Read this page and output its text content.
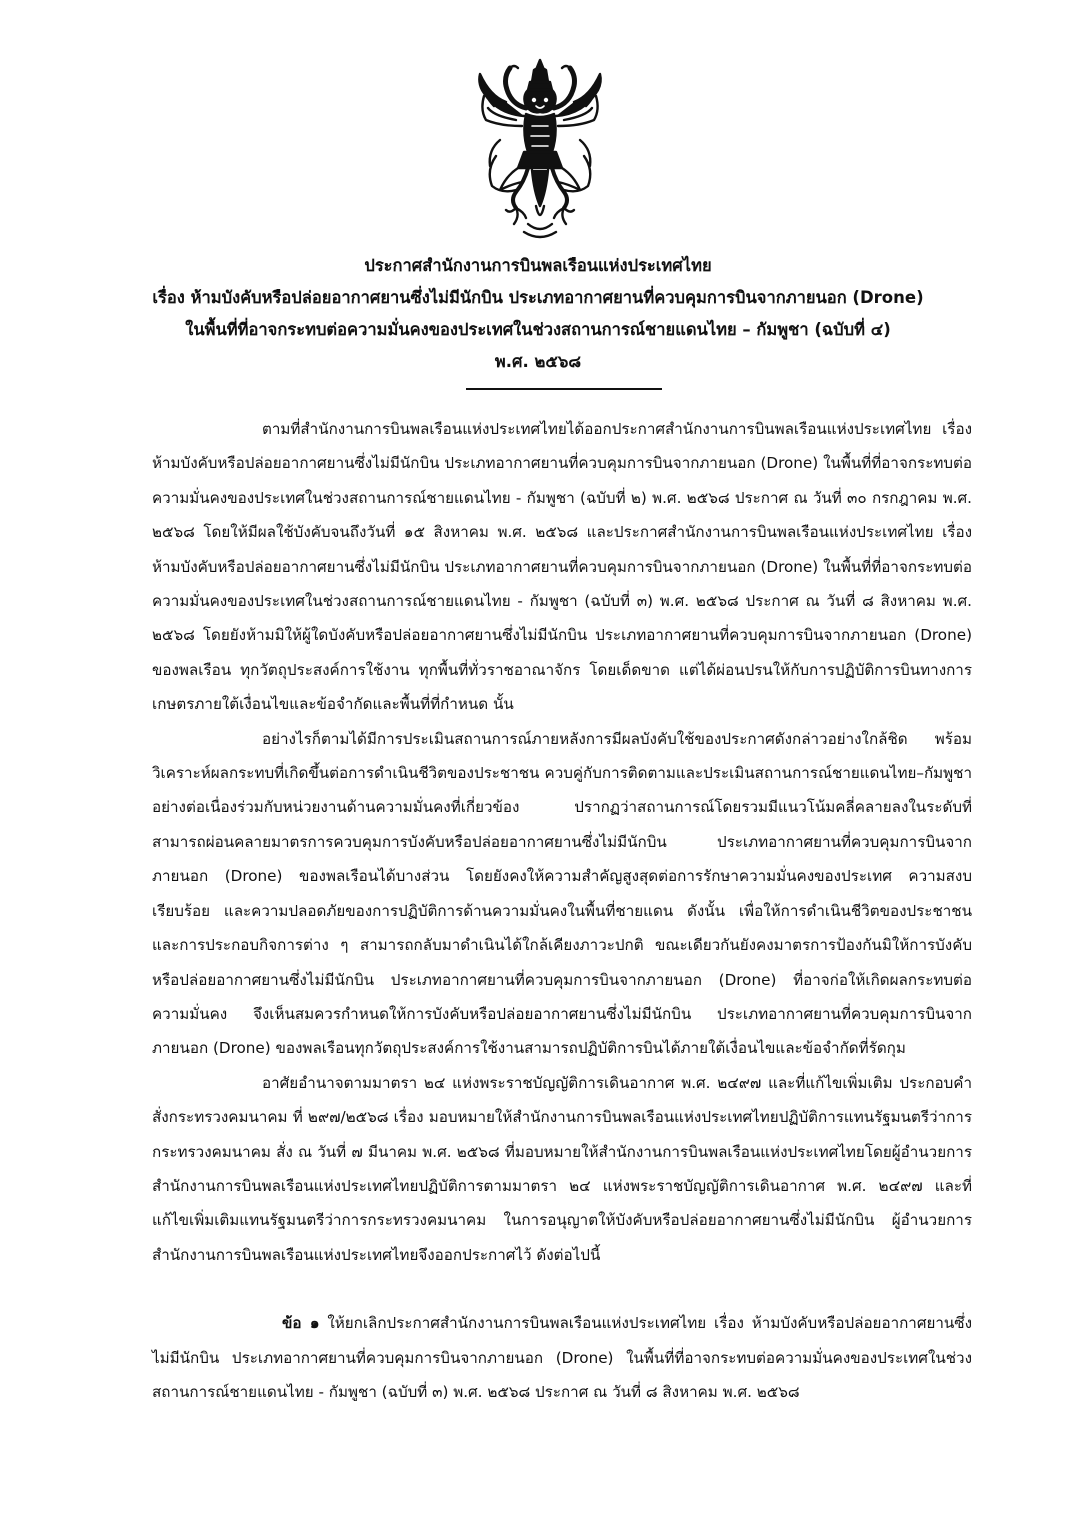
ประกาศสำนักงานการบินพลเรือนแห่งประเทศไทย
เรื่อง ห้ามบังคับหรือปล่อยอากาศยานซึ่งไม่มีนักบิน ประเภทอากาศยานที่ควบคุมการบินจากภายนอก (Drone)
ในพื้นที่ที่อาจกระทบต่อความมั่นคงของประเทศในช่วงสถานการณ์ชายแดนไทย – กัมพูชา (ฉบับที่ ๔)
พ.ศ. ๒๕๖๘

ตามที่สำนักงานการบินพลเรือนแห่งประเทศไทยได้ออกประกาศสำนักงานการบินพลเรือนแห่งประเทศไทย เรื่อง ห้ามบังคับหรือปล่อยอากาศยานซึ่งไม่มีนักบิน ประเภทอากาศยานที่ควบคุมการบินจากภายนอก (Drone) ในพื้นที่ที่อาจกระทบต่อความมั่นคงของประเทศในช่วงสถานการณ์ชายแดนไทย - กัมพูชา (ฉบับที่ ๒) พ.ศ. ๒๕๖๘ ประกาศ ณ วันที่ ๓๐ กรกฎาคม พ.ศ. ๒๕๖๘ โดยให้มีผลใช้บังคับจนถึงวันที่ ๑๕ สิงหาคม พ.ศ. ๒๕๖๘ และประกาศสำนักงานการบินพลเรือนแห่งประเทศไทย เรื่อง ห้ามบังคับหรือปล่อยอากาศยานซึ่งไม่มีนักบิน ประเภทอากาศยานที่ควบคุมการบินจากภายนอก (Drone) ในพื้นที่ที่อาจกระทบต่อความมั่นคงของประเทศในช่วงสถานการณ์ชายแดนไทย - กัมพูชา (ฉบับที่ ๓) พ.ศ. ๒๕๖๘ ประกาศ ณ วันที่ ๘ สิงหาคม พ.ศ. ๒๕๖๘ โดยยังห้ามมิให้ผู้ใดบังคับหรือปล่อยอากาศยานซึ่งไม่มีนักบิน ประเภทอากาศยานที่ควบคุมการบินจากภายนอก (Drone) ของพลเรือน ทุกวัตถุประสงค์การใช้งาน ทุกพื้นที่ทั่วราชอาณาจักร โดยเด็ดขาด แต่ได้ผ่อนปรนให้กับการปฏิบัติการบินทางการเกษตรภายใต้เงื่อนไขและข้อจำกัดและพื้นที่ที่กำหนด นั้น

อย่างไรก็ตามได้มีการประเมินสถานการณ์ภายหลังการมีผลบังคับใช้ของประกาศดังกล่าวอย่างใกล้ชิด พร้อมวิเคราะห์ผลกระทบที่เกิดขึ้นต่อการดำเนินชีวิตของประชาชน ควบคู่กับการติดตามและประเมินสถานการณ์ชายแดนไทย–กัมพูชาอย่างต่อเนื่องร่วมกับหน่วยงานด้านความมั่นคงที่เกี่ยวข้อง ปรากฏว่าสถานการณ์โดยรวมมีแนวโน้มคลี่คลายลงในระดับที่สามารถผ่อนคลายมาตรการควบคุมการบังคับหรือปล่อยอากาศยานซึ่งไม่มีนักบิน ประเภทอากาศยานที่ควบคุมการบินจากภายนอก (Drone) ของพลเรือนได้บางส่วน โดยยังคงให้ความสำคัญสูงสุดต่อการรักษาความมั่นคงของประเทศ ความสงบเรียบร้อย และความปลอดภัยของการปฏิบัติการด้านความมั่นคงในพื้นที่ชายแดน ดังนั้น เพื่อให้การดำเนินชีวิตของประชาชนและการประกอบกิจการต่าง ๆ สามารถกลับมาดำเนินได้ใกล้เคียงภาวะปกติ ขณะเดียวกันยังคงมาตรการป้องกันมิให้การบังคับหรือปล่อยอากาศยานซึ่งไม่มีนักบิน ประเภทอากาศยานที่ควบคุมการบินจากภายนอก (Drone) ที่อาจก่อให้เกิดผลกระทบต่อความมั่นคง จึงเห็นสมควรกำหนดให้การบังคับหรือปล่อยอากาศยานซึ่งไม่มีนักบิน ประเภทอากาศยานที่ควบคุมการบินจากภายนอก (Drone) ของพลเรือนทุกวัตถุประสงค์การใช้งานสามารถปฏิบัติการบินได้ภายใต้เงื่อนไขและข้อจำกัดที่รัดกุม

อาศัยอำนาจตามมาตรา ๒๔ แห่งพระราชบัญญัติการเดินอากาศ พ.ศ. ๒๔๙๗ และที่แก้ไขเพิ่มเติม ประกอบคำสั่งกระทรวงคมนาคม ที่ ๒๙๗/๒๕๖๘ เรื่อง มอบหมายให้สำนักงานการบินพลเรือนแห่งประเทศไทยปฏิบัติการแทนรัฐมนตรีว่าการกระทรวงคมนาคม สั่ง ณ วันที่ ๗ มีนาคม พ.ศ. ๒๕๖๘ ที่มอบหมายให้สำนักงานการบินพลเรือนแห่งประเทศไทยโดยผู้อำนวยการสำนักงานการบินพลเรือนแห่งประเทศไทยปฏิบัติการตามมาตรา ๒๔ แห่งพระราชบัญญัติการเดินอากาศ พ.ศ. ๒๔๙๗ และที่แก้ไขเพิ่มเติมแทนรัฐมนตรีว่าการกระทรวงคมนาคม ในการอนุญาตให้บังคับหรือปล่อยอากาศยานซึ่งไม่มีนักบิน ผู้อำนวยการสำนักงานการบินพลเรือนแห่งประเทศไทยจึงออกประกาศไว้ ดังต่อไปนี้

ข้อ ๑ ให้ยกเลิกประกาศสำนักงานการบินพลเรือนแห่งประเทศไทย เรื่อง ห้ามบังคับหรือปล่อยอากาศยานซึ่งไม่มีนักบิน ประเภทอากาศยานที่ควบคุมการบินจากภายนอก (Drone) ในพื้นที่ที่อาจกระทบต่อความมั่นคงของประเทศในช่วงสถานการณ์ชายแดนไทย - กัมพูชา (ฉบับที่ ๓) พ.ศ. ๒๕๖๘ ประกาศ ณ วันที่ ๘ สิงหาคม พ.ศ. ๒๕๖๘
